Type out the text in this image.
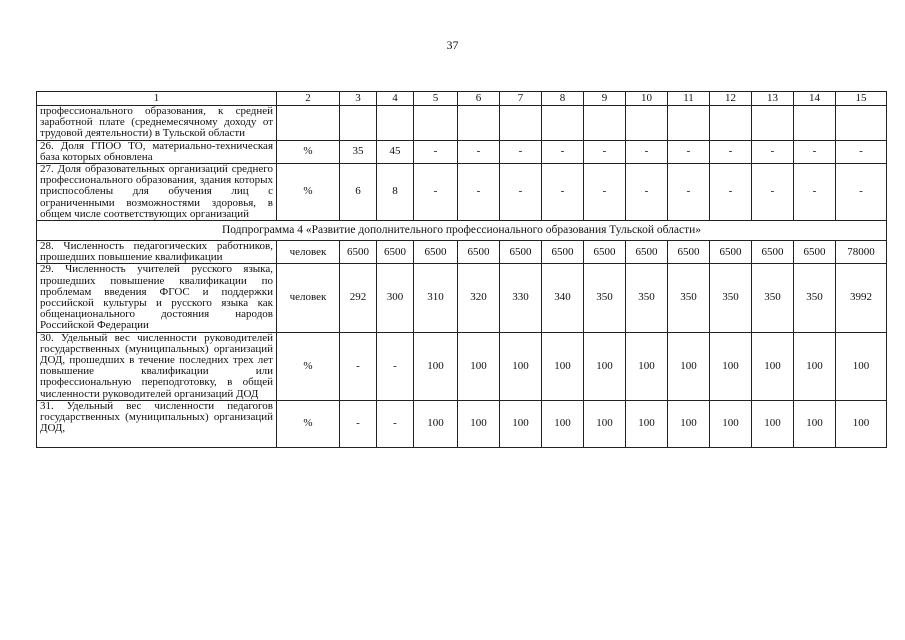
37
1	2	3	4	5	6	7	8	9	10	11	12	13	14	15

профессионального образования, к средней заработной плате (среднемесячному доходу от трудовой деятельности) в Тульской области														

26. Доля ГПОО ТО, материально-техническая база которых обновлена	%	35	45	-	-	-	-	-	-	-	-	-	-	-

27. Доля образовательных организаций среднего профессионального образования, здания которых приспособлены для обучения лиц с ограниченными возможностями здоровья, в общем числе соответствующих организаций	%	6	8	-	-	-	-	-	-	-	-	-	-	-
Подпрограмма 4 «Развитие дополнительного профессионального образования Тульской области»														

28. Численность педагогических работников, прошедших повышение квалификации	человек	6500	6500	6500	6500	6500	6500	6500	6500	6500	6500	6500	6500	78000

29. Численность учителей русского языка, прошедших повышение квалификации по проблемам введения ФГОС и поддержки российской культуры и русского языка как общенационального достояния народов Российской Федерации	человек	292	300	310	320	330	340	350	350	350	350	350	350	3992

30. Удельный вес численности руководителей государственных (муниципальных) организаций ДОД, прошедших в течение последних трех лет повышение квалификации или профессиональную переподготовку, в общей численности руководителей организаций ДОД	%	-	-	100	100	100	100	100	100	100	100	100	100	100

31. Удельный вес численности педагогов государственных (муниципальных) организаций ДОД,	%	-	-	100	100	100	100	100	100	100	100	100	100	100
